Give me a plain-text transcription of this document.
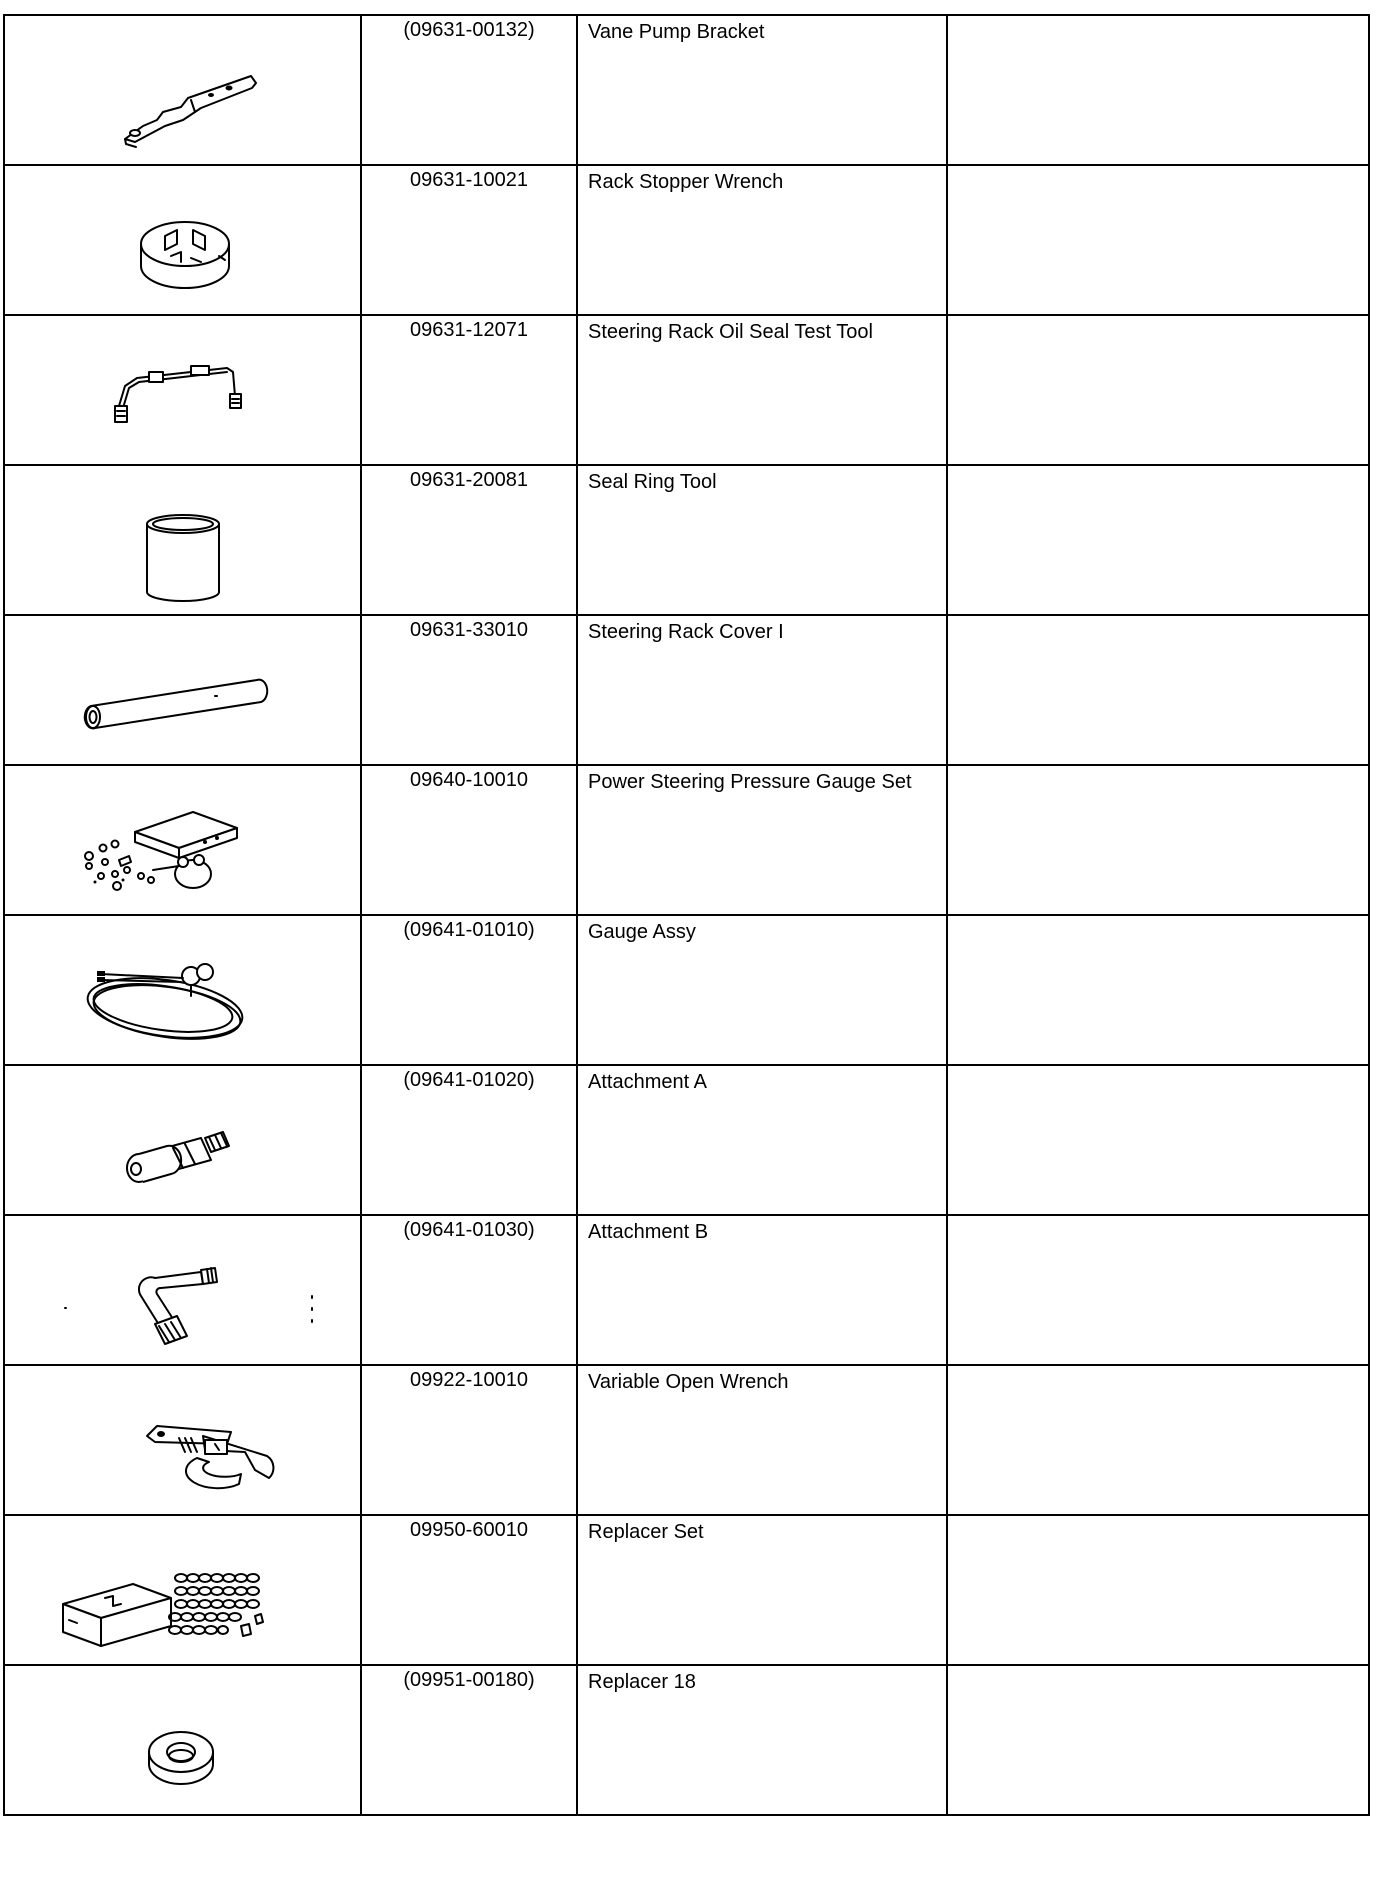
	(09631-00132)	Vane Pump Bracket	

	09631-10021	Rack Stopper Wrench	

	09631-12071	Steering Rack Oil Seal Test Tool	

	09631-20081	Seal Ring Tool	

	09631-33010	Steering Rack Cover I	

	09640-10010	Power Steering Pressure Gauge Set	

	(09641-01010)	Gauge Assy	

	(09641-01020)	Attachment A	

	(09641-01030)	Attachment B	

	09922-10010	Variable Open Wrench	

	09950-60010	Replacer Set	

	(09951-00180)	Replacer 18	
